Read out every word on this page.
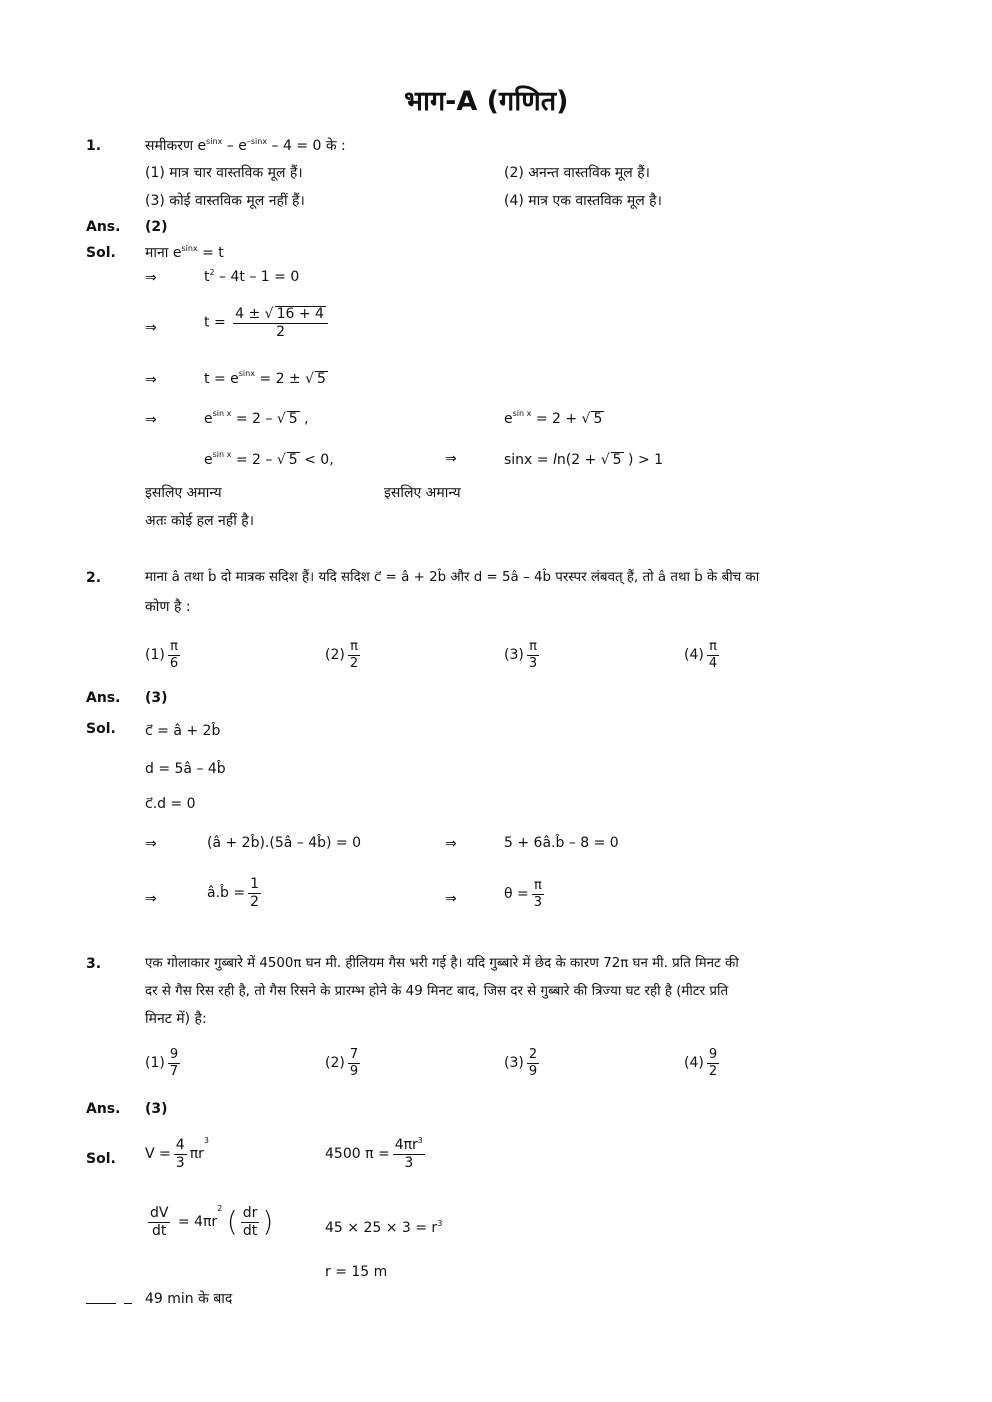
भाग-A (गणित)
1.	समीकरण $e^{sinx} - e^{-sinx} - 4 = 0$ के :
(1) मात्र चार वास्तविक मूल हैं।	(2) अनन्त वास्तविक मूल हैं।
(3) कोई वास्तविक मूल नहीं हैं।	(4) मात्र एक वास्तविक मूल है।
Ans. (2)
Sol. माना $e^{sinx} = t$
⇒	$t^2 - 4t - 1 = 0$
⇒	$t = \frac{4 \pm √ 16 + 4}{2}$
⇒	$t = e^{sinx} = 2$ ± √ 5
⇒	$e^{sin x} = 2$ – √ 5 ,	$e^{sin x} = 2$ + √ 5
$e^{sin x} = 2$ – √ 5 < 0,	⇒	sinx = ln(2 + √ 5 ) > 1
इसलिए अमान्य	इसलिए अमान्य
अतः कोई हल नहीं है।
2.	माना â तथा b̂ दो मात्रक सदिश हैं। यदि सदिश c⃗ = â + 2b̂ और d = 5â – 4b̂ परस्पर लंबवत् हैं, तो â तथा b̂ के बीच का
कोण है :
$(1) \frac{\pi}{6}$	$(2) \frac{\pi}{2}$	$(3) \frac{\pi}{3}$	$(4) \frac{\pi}{4}$
Ans. (3)
Sol. c⃗ = â + 2b̂
d = 5â – 4b̂
c⃗.d = 0
⇒	(â + 2b̂).(5â – 4b̂) = 0	⇒	5 + 6â.b̂ – 8 = 0
⇒	â.b̂ = $\frac{1}{2}$	⇒	$\theta = \frac{\pi}{3}$
3.	एक गोलाकार गुब्बारे में 4500π घन मी. हीलियम गैस भरी गई है। यदि गुब्बारे में छेद के कारण 72π घन मी. प्रति मिनट की
दर से गैस रिस रही है, तो गैस रिसने के प्रारम्भ होने के 49 मिनट बाद, जिस दर से गुब्बारे की त्रिज्या घट रही है (मीटर प्रति
मिनट में) है:
$(1) \frac{9}{7}$	$(2) \frac{7}{9}$	$(3) \frac{2}{9}$	$(4) \frac{9}{2}$
Ans. (3)
Sol. $V = \frac{4}{3} \pi r^3$
4500 $\pi = \frac{4\pi r^3}{3}$
$\frac{dV}{dt} = 4\pi r^2$ ( $\frac{dr}{dt}$ )	$45 \times 25 \times 3 = r^3$
r = 15 m
49 min के बाद
